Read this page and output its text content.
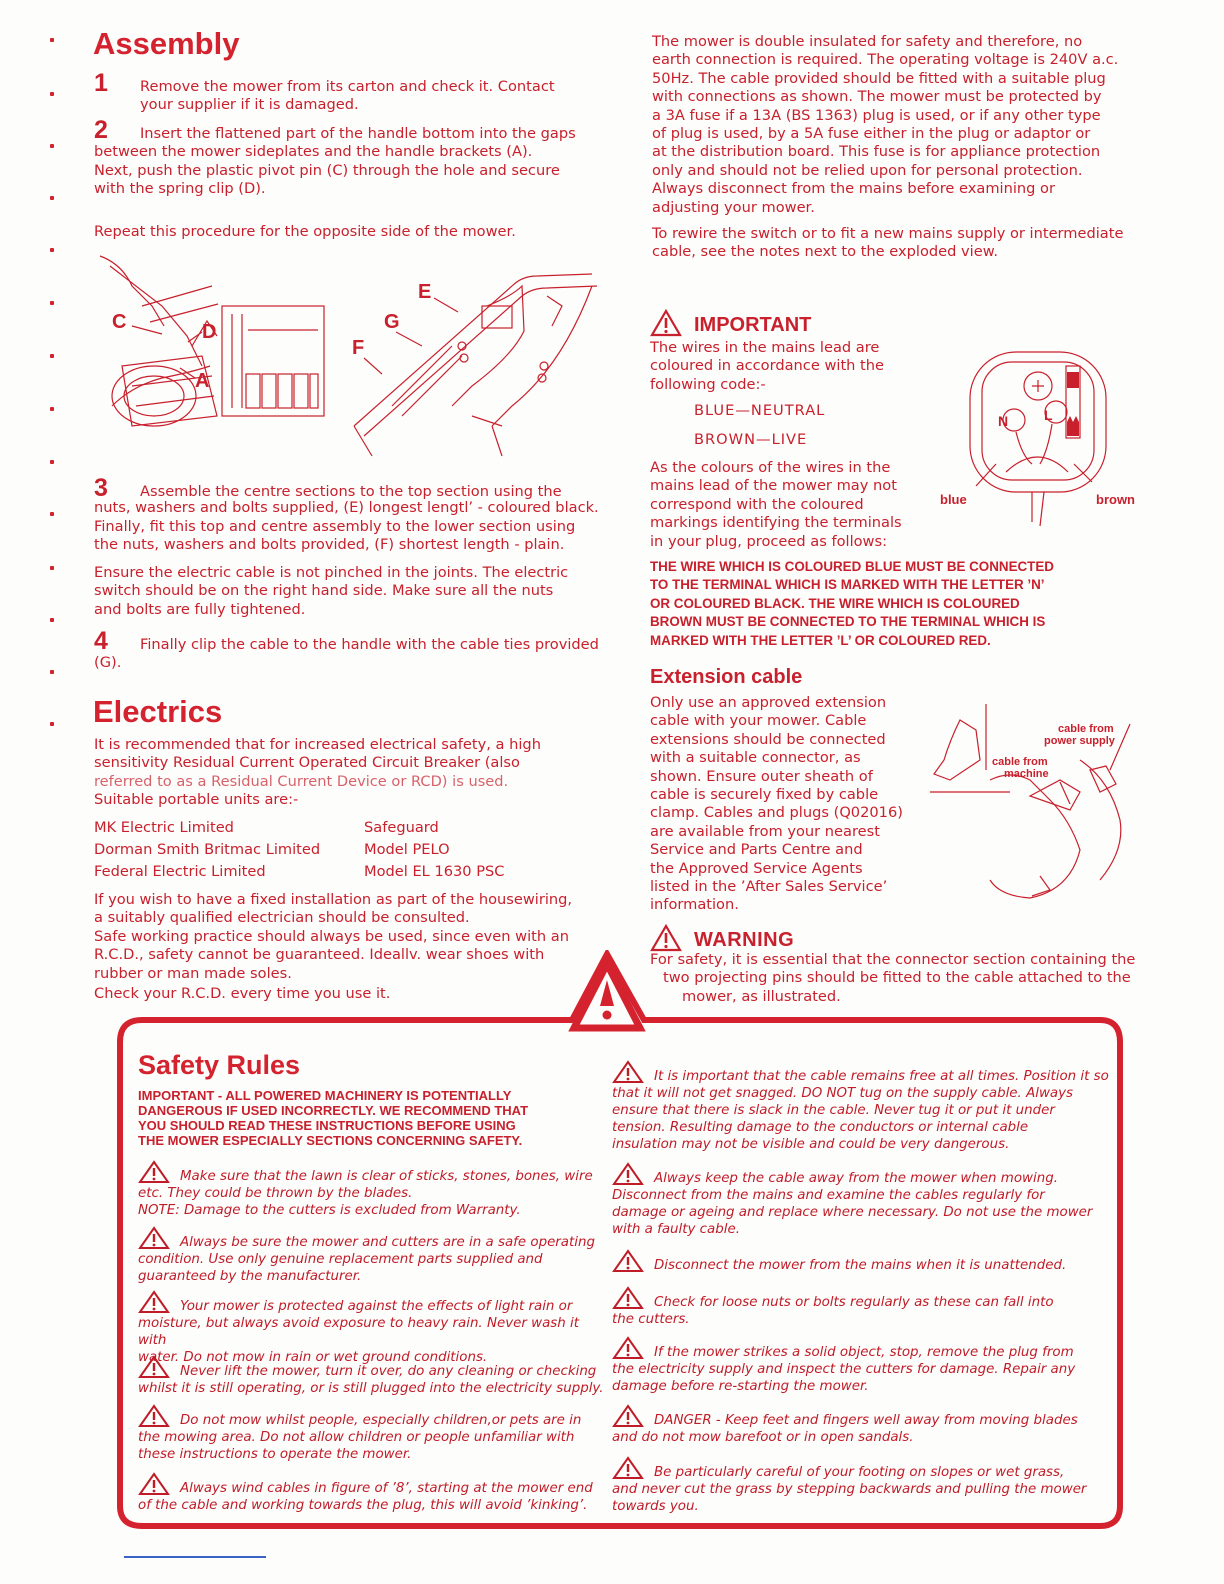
Assembly

1 Remove the mower from its carton and check it. Contact

your supplier if it is damaged.

2 Insert the flattened part of the handle bottom into the gaps

between the mower sideplates and the handle brackets (A).

Next, push the plastic pivot pin (C) through the hole and secure

with the spring clip (D).

Repeat this procedure for the opposite side of the mower.

C	D
A
E
G
F

3 Assemble the centre sections to the top section using the

nuts, washers and bolts supplied, (E) longest lengtl’ - coloured black.

Finally, fit this top and centre assembly to the lower section using

the nuts, washers and bolts provided, (F) shortest length - plain.

Ensure the electric cable is not pinched in the joints. The electric

switch should be on the right hand side. Make sure all the nuts

and bolts are fully tightened.

4 Finally clip the cable to the handle with the cable ties provided

(G).

Electrics

It is recommended that for increased electrical safety, a high

sensitivity Residual Current Operated Circuit Breaker (also

referred to as a Residual Current Device or RCD) is used.

Suitable portable units are:-

MK Electric Limited	Safeguard
Dorman Smith Britmac Limited	Model PELO
Federal Electric Limited	Model EL 1630 PSC

If you wish to have a fixed installation as part of the housewiring,

a suitably qualified electrician should be consulted.

Safe working practice should always be used, since even with an

R.C.D., safety cannot be guaranteed. Ideallv. wear shoes with

rubber or man made soles.

Check your R.C.D. every time you use it.

The mower is double insulated for safety and therefore, no

earth connection is required. The operating voltage is 240V a.c.

50Hz. The cable provided should be fitted with a suitable plug

with connections as shown. The mower must be protected by

a 3A fuse if a 13A (BS 1363) plug is used, or if any other type

of plug is used, by a 5A fuse either in the plug or adaptor or

at the distribution board. This fuse is for appliance protection

only and should not be relied upon for personal protection.

Always disconnect from the mains before examining or

adjusting your mower.

To rewire the switch or to fit a new mains supply or intermediate

cable, see the notes next to the exploded view.

IMPORTANT

The wires in the mains lead are

coloured in accordance with the

following code:-

BLUE—NEUTRAL

BROWN—LIVE

As the colours of the wires in the

mains lead of the mower may not

correspond with the coloured

markings identifying the terminals

in your plug, proceed as follows:

N	L
blue	brown

THE WIRE WHICH IS COLOURED BLUE MUST BE CONNECTED

TO THE TERMINAL WHICH IS MARKED WITH THE LETTER ’N’

OR COLOURED BLACK. THE WIRE WHICH IS COLOURED

BROWN MUST BE CONNECTED TO THE TERMINAL WHICH IS

MARKED WITH THE LETTER ’L’ OR COLOURED RED.

Extension cable

Only use an approved extension

cable with your mower. Cable

extensions should be connected

with a suitable connector, as

shown. Ensure outer sheath of

cable is securely fixed by cable

clamp. Cables and plugs (Q02016)

are available from your nearest

Service and Parts Centre and

the Approved Service Agents

listed in the ’After Sales Service’

information.

cable from
power supply
cable from
machine
WARNING

For safety, it is essential that the connector section containing the

two projecting pins should be fitted to the cable attached to the

mower, as illustrated.

Safety Rules

IMPORTANT - ALL POWERED MACHINERY IS POTENTIALLY

DANGEROUS IF USED INCORRECTLY. WE RECOMMEND THAT

YOU SHOULD READ THESE INSTRUCTIONS BEFORE USING

THE MOWER ESPECIALLY SECTIONS CONCERNING SAFETY.

Make sure that the lawn is clear of sticks, stones, bones, wire

etc. They could be thrown by the blades.

NOTE: Damage to the cutters is excluded from Warranty.

Always be sure the mower and cutters are in a safe operating

condition. Use only genuine replacement parts supplied and

guaranteed by the manufacturer.

Your mower is protected against the effects of light rain or

moisture, but always avoid exposure to heavy rain. Never wash it with

water. Do not mow in rain or wet ground conditions.

Never lift the mower, turn it over, do any cleaning or checking

whilst it is still operating, or is still plugged into the electricity supply.

Do not mow whilst people, especially children,or pets are in

the mowing area. Do not allow children or people unfamiliar with

these instructions to operate the mower.

Always wind cables in figure of ’8’, starting at the mower end

of the cable and working towards the plug, this will avoid ’kinking’.

It is important that the cable remains free at all times. Position it so

that it will not get snagged. DO NOT tug on the supply cable. Always

ensure that there is slack in the cable. Never tug it or put it under

tension. Resulting damage to the conductors or internal cable

insulation may not be visible and could be very dangerous.

Always keep the cable away from the mower when mowing.

Disconnect from the mains and examine the cables regularly for

damage or ageing and replace where necessary. Do not use the mower

with a faulty cable.

Disconnect the mower from the mains when it is unattended.

Check for loose nuts or bolts regularly as these can fall into

the cutters.

If the mower strikes a solid object, stop, remove the plug from

the electricity supply and inspect the cutters for damage. Repair any

damage before re-starting the mower.

DANGER - Keep feet and fingers well away from moving blades

and do not mow barefoot or in open sandals.

Be particularly careful of your footing on slopes or wet grass,

and never cut the grass by stepping backwards and pulling the mower

towards you.
